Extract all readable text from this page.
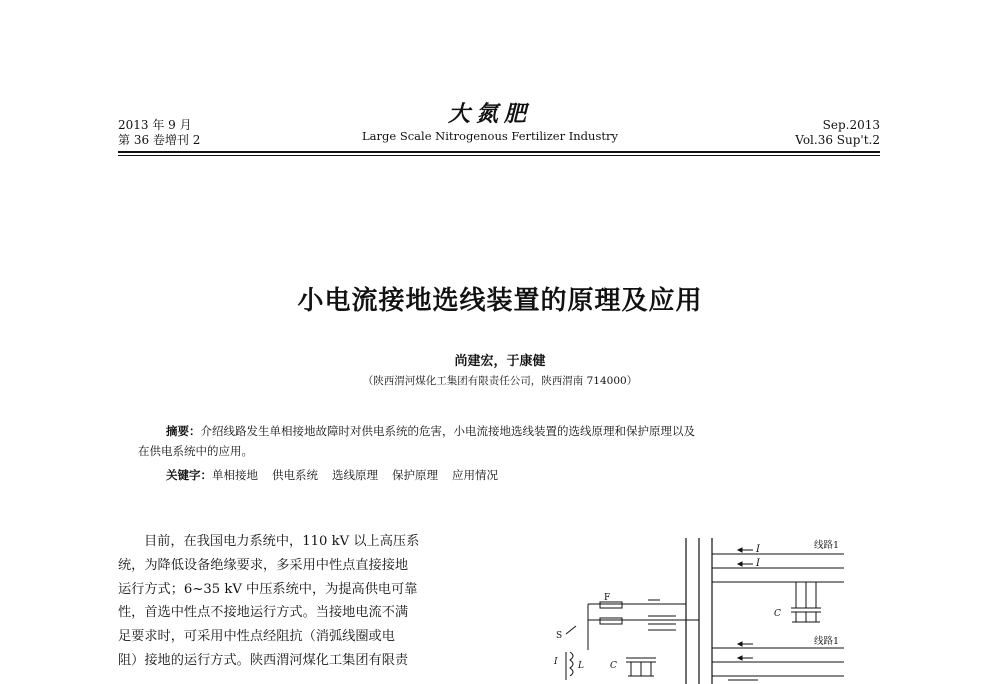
2013 年 9 月
第 36 卷增刊 2
大氮肥
Large Scale Nitrogenous Fertilizer Industry
Sep.2013
Vol.36 Sup't.2
小电流接地选线装置的原理及应用
尚建宏，于康健
（陕西渭河煤化工集团有限责任公司，陕西渭南 714000）

摘要：介绍线路发生单相接地故障时对供电系统的危害，小电流接地选线装置的选线原理和保护原理以及

在供电系统中的应用。

关键字：单相接地 供电系统 选线原理 保护原理 应用情况

目前，在我国电力系统中，110 kV 以上高压系

统，为降低设备绝缘要求，多采用中性点直接接地

运行方式；6~35 kV 中压系统中，为提高供电可靠

性，首选中性点不接地运行方式。当接地电流不满

足要求时，可采用中性点经阻抗（消弧线圈或电

阻）接地的运行方式。陕西渭河煤化工集团有限责

线路1
I
I
C
F
S
I L	C
线路1
